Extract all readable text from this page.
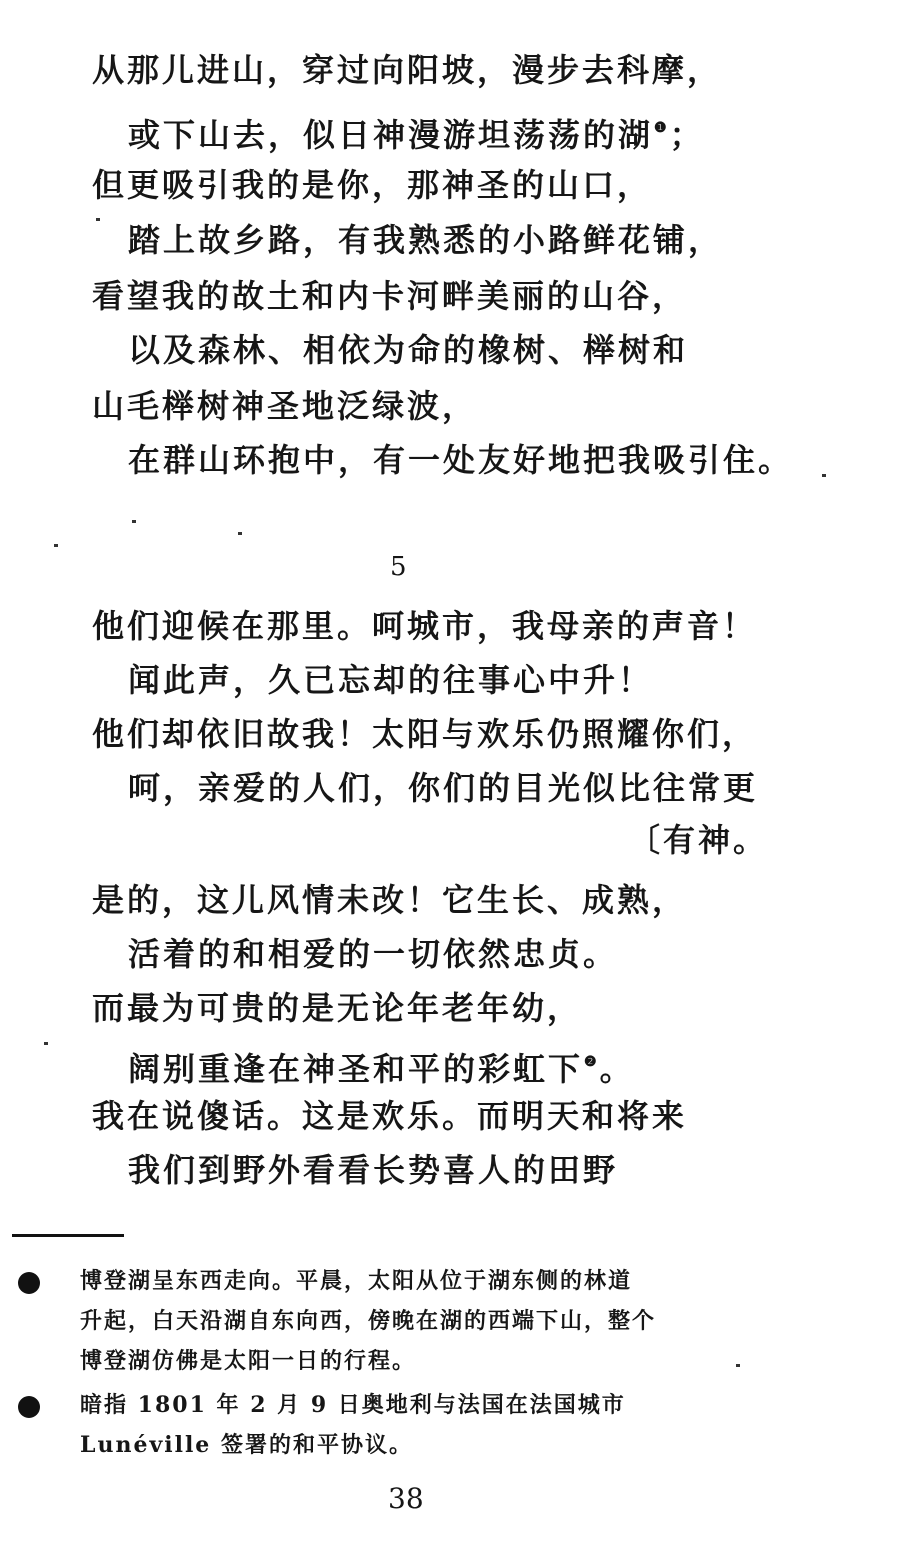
从那儿进山，穿过向阳坡，漫步去科摩，
或下山去，似日神漫游坦荡荡的湖$^❶$；
但更吸引我的是你，那神圣的山口，
踏上故乡路，有我熟悉的小路鲜花铺，
看望我的故土和内卡河畔美丽的山谷，
以及森林、相依为命的橡树、榉树和
山毛榉树神圣地泛绿波，
在群山环抱中，有一处友好地把我吸引住。
5
他们迎候在那里。呵城市，我母亲的声音！
闻此声，久已忘却的往事心中升！
他们却依旧故我！太阳与欢乐仍照耀你们，
呵，亲爱的人们，你们的目光似比往常更
〔有神。
是的，这儿风情未改！它生长、成熟，
活着的和相爱的一切依然忠贞。
而最为可贵的是无论年老年幼，
阔别重逢在神圣和平的彩虹下$^❷$。
我在说傻话。这是欢乐。而明天和将来
我们到野外看看长势喜人的田野
博登湖呈东西走向。平晨，太阳从位于湖东侧的林道
升起，白天沿湖自东向西，傍晚在湖的西端下山，整个
博登湖仿佛是太阳一日的行程。
暗指 1801 年 2 月 9 日奥地利与法国在法国城市
Lunéville 签署的和平协议。
38
